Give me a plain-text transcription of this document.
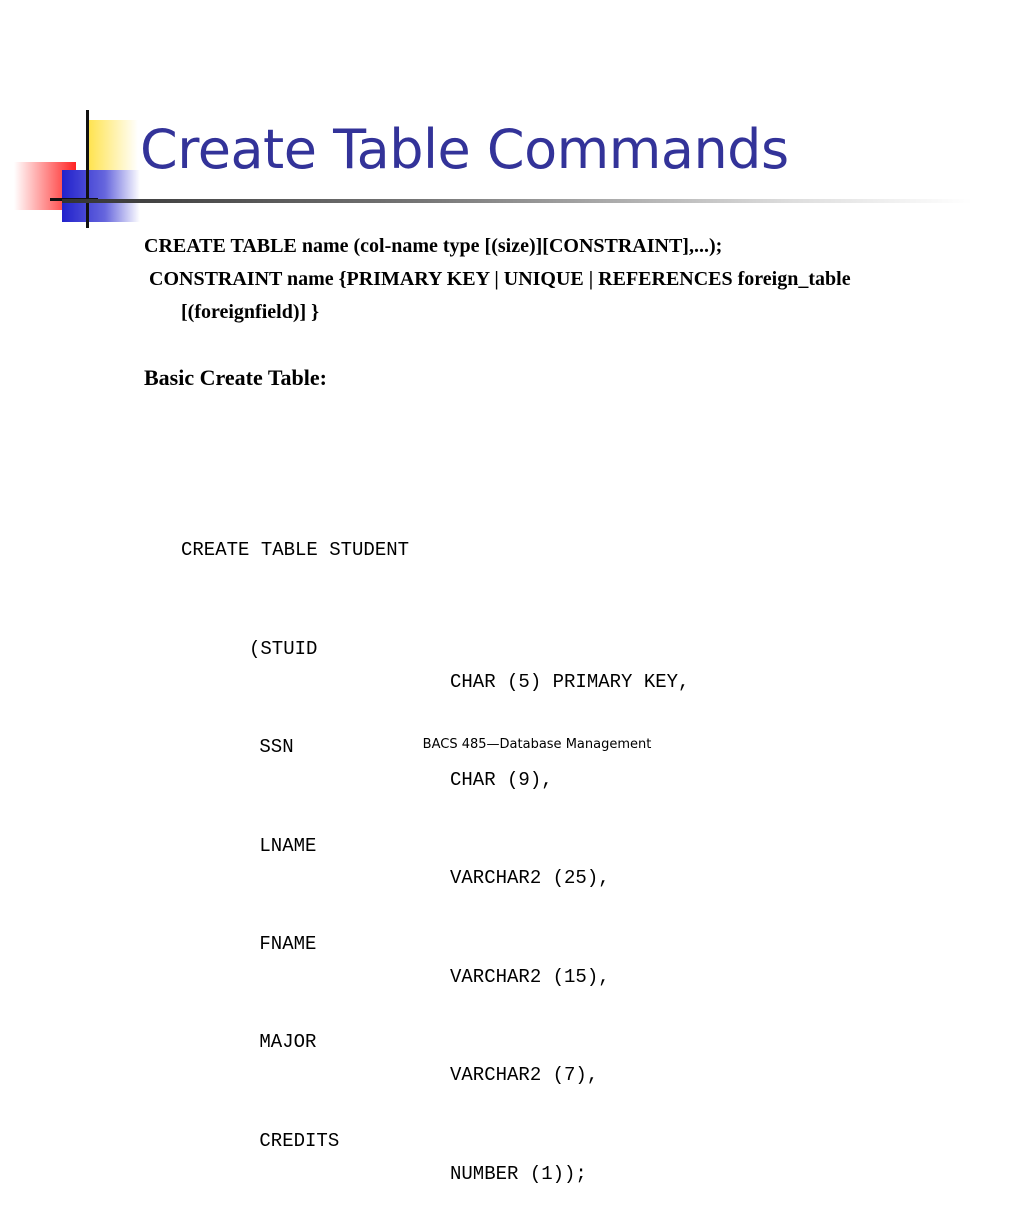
Create Table Commands
CREATE TABLE name (col-name type [(size)][CONSTRAINT],...);
CONSTRAINT name {PRIMARY KEY | UNIQUE | REFERENCES foreign_table
[(foreignfield)] }
Basic Create Table:

CREATE TABLE STUDENT

(STUID

CHAR (5) PRIMARY KEY,

SSN

CHAR (9),

LNAME

VARCHAR2 (25),

FNAME

VARCHAR2 (15),

MAJOR

VARCHAR2 (7),

CREDITS

NUMBER (1));

BACS 485—Database Management
